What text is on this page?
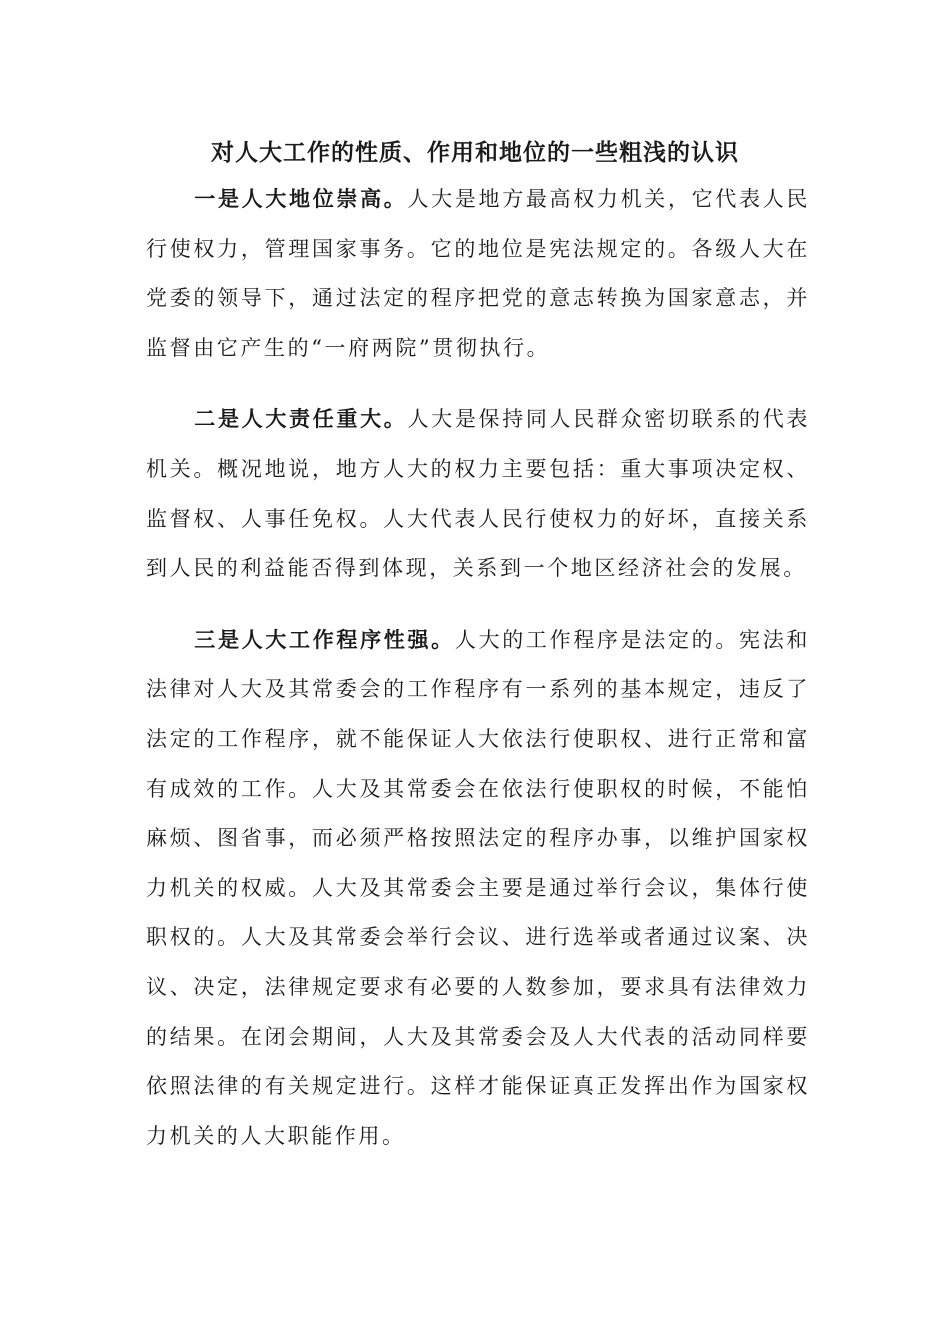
对人大工作的性质、作用和地位的一些粗浅的认识

一是人大地位崇高。人大是地方最高权力机关，它代表人民行使权力，管理国家事务。它的地位是宪法规定的。各级人大在党委的领导下，通过法定的程序把党的意志转换为国家意志，并监督由它产生的“一府两院”贯彻执行。

二是人大责任重大。人大是保持同人民群众密切联系的代表机关。概况地说，地方人大的权力主要包括：重大事项决定权、监督权、人事任免权。人大代表人民行使权力的好坏，直接关系到人民的利益能否得到体现，关系到一个地区经济社会的发展。

三是人大工作程序性强。人大的工作程序是法定的。宪法和法律对人大及其常委会的工作程序有一系列的基本规定，违反了法定的工作程序，就不能保证人大依法行使职权、进行正常和富有成效的工作。人大及其常委会在依法行使职权的时候，不能怕麻烦、图省事，而必须严格按照法定的程序办事，以维护国家权力机关的权威。人大及其常委会主要是通过举行会议，集体行使职权的。人大及其常委会举行会议、进行选举或者通过议案、决议、决定，法律规定要求有必要的人数参加，要求具有法律效力的结果。在闭会期间，人大及其常委会及人大代表的活动同样要依照法律的有关规定进行。这样才能保证真正发挥出作为国家权力机关的人大职能作用。
